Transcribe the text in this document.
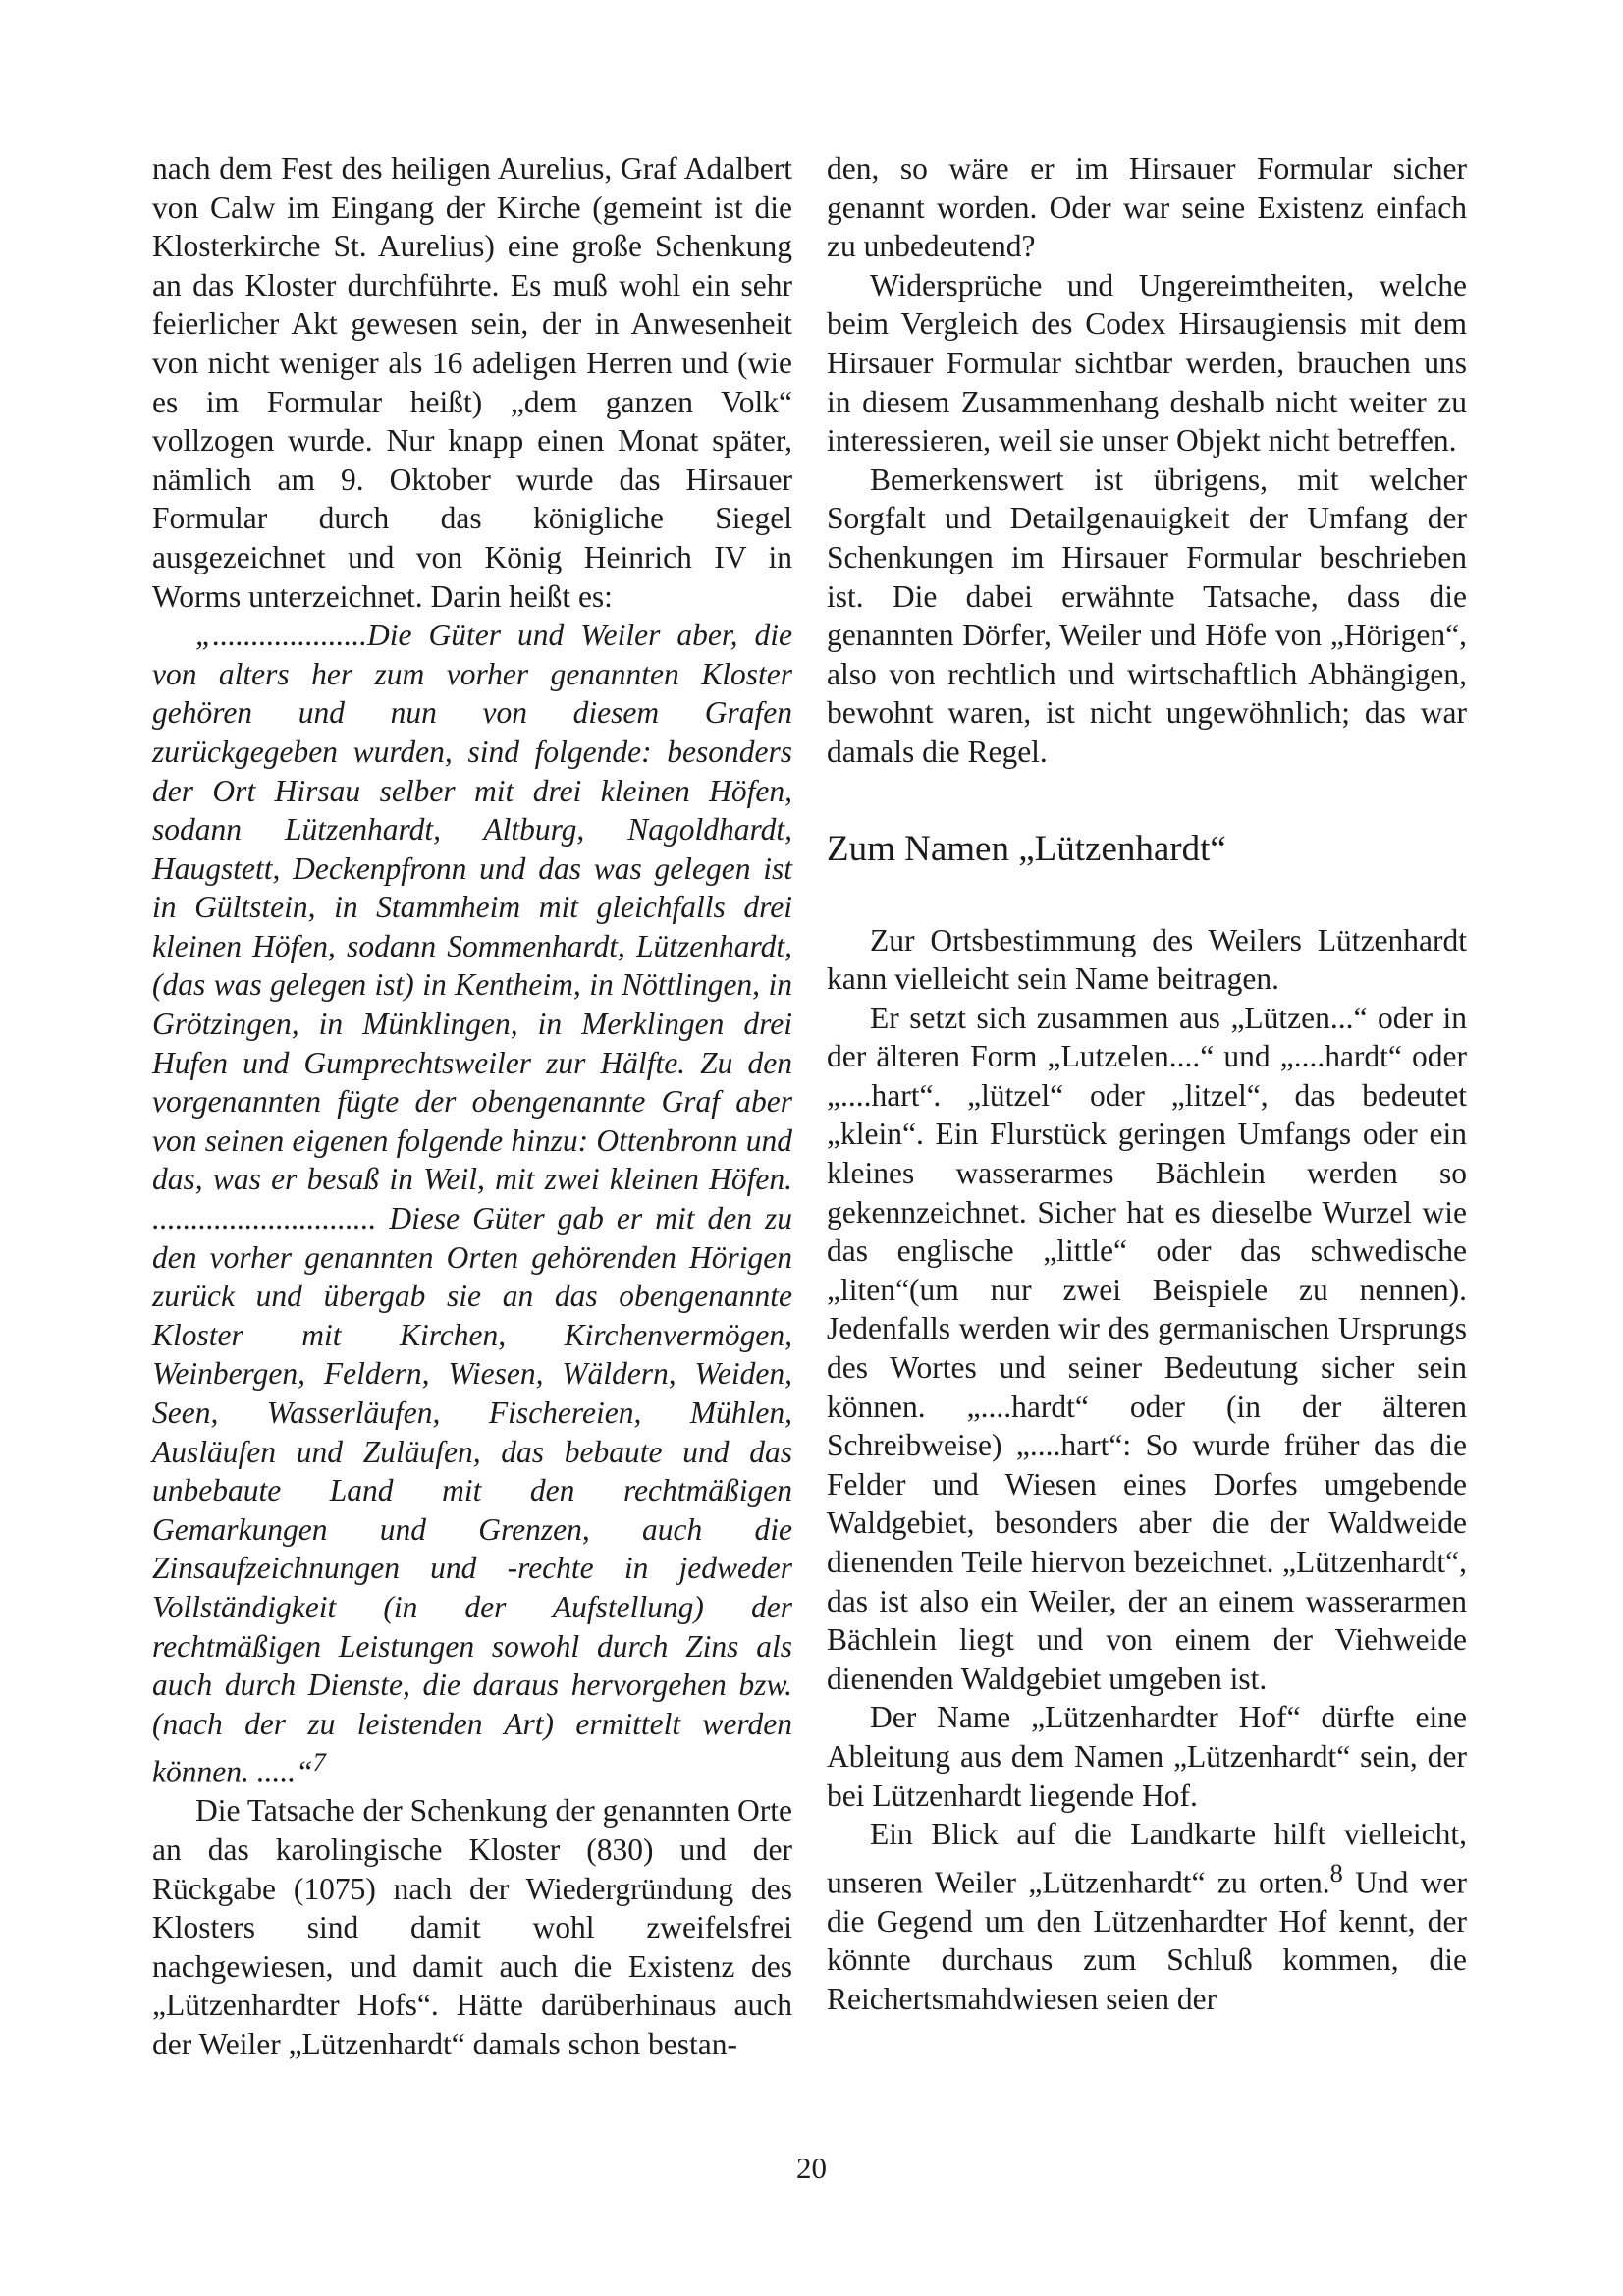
nach dem Fest des heiligen Aurelius, Graf Adalbert von Calw im Eingang der Kirche (gemeint ist die Klosterkirche St. Aurelius) eine große Schenkung an das Kloster durchführte. Es muß wohl ein sehr feierlicher Akt gewesen sein, der in Anwesenheit von nicht weniger als 16 adeligen Herren und (wie es im Formular heißt) „dem ganzen Volk“ vollzogen wurde. Nur knapp einen Monat später, nämlich am 9. Oktober wurde das Hirsauer Formular durch das königliche Siegel ausgezeichnet und von König Heinrich IV in Worms unterzeichnet. Darin heißt es:

„....................Die Güter und Weiler aber, die von alters her zum vorher genannten Kloster gehören und nun von diesem Grafen zurückgegeben wurden, sind folgende: besonders der Ort Hirsau selber mit drei kleinen Höfen, sodann Lützenhardt, Altburg, Nagoldhardt, Haugstett, Deckenpfronn und das was gelegen ist in Gültstein, in Stammheim mit gleichfalls drei kleinen Höfen, sodann Sommenhardt, Lützenhardt, (das was gelegen ist) in Kentheim, in Nöttlingen, in Grötzingen, in Münklingen, in Merklingen drei Hufen und Gumprechtsweiler zur Hälfte. Zu den vorgenannten fügte der obengenannte Graf aber von seinen eigenen folgende hinzu: Ottenbronn und das, was er besaß in Weil, mit zwei kleinen Höfen. ............................. Diese Güter gab er mit den zu den vorher genannten Orten gehörenden Hörigen zurück und übergab sie an das obengenannte Kloster mit Kirchen, Kirchenvermögen, Weinbergen, Feldern, Wiesen, Wäldern, Weiden, Seen, Wasserläufen, Fischereien, Mühlen, Ausläufen und Zuläufen, das bebaute und das unbebaute Land mit den rechtmäßigen Gemarkungen und Grenzen, auch die Zinsaufzeichnungen und -rechte in jedweder Vollständigkeit (in der Aufstellung) der rechtmäßigen Leistungen sowohl durch Zins als auch durch Dienste, die daraus hervorgehen bzw. (nach der zu leistenden Art) ermittelt werden können. .....“$^7$

Die Tatsache der Schenkung der genannten Orte an das karolingische Kloster (830) und der Rückgabe (1075) nach der Wiedergründung des Klosters sind damit wohl zweifelsfrei nachgewiesen, und damit auch die Existenz des „Lützenhardter Hofs“. Hätte darüberhinaus auch der Weiler „Lützenhardt“ damals schon bestan-

den, so wäre er im Hirsauer Formular sicher genannt worden. Oder war seine Existenz einfach zu unbedeutend?

Widersprüche und Ungereimtheiten, welche beim Vergleich des Codex Hirsaugiensis mit dem Hirsauer Formular sichtbar werden, brauchen uns in diesem Zusammenhang deshalb nicht weiter zu interessieren, weil sie unser Objekt nicht betreffen.

Bemerkenswert ist übrigens, mit welcher Sorgfalt und Detailgenauigkeit der Umfang der Schenkungen im Hirsauer Formular beschrieben ist. Die dabei erwähnte Tatsache, dass die genannten Dörfer, Weiler und Höfe von „Hörigen“, also von rechtlich und wirtschaftlich Abhängigen, bewohnt waren, ist nicht ungewöhnlich; das war damals die Regel.

Zum Namen „Lützenhardt“

Zur Ortsbestimmung des Weilers Lützenhardt kann vielleicht sein Name beitragen.

Er setzt sich zusammen aus „Lützen...“ oder in der älteren Form „Lutzelen....“ und „....hardt“ oder „....hart“. „lützel“ oder „litzel“, das bedeutet „klein“. Ein Flurstück geringen Umfangs oder ein kleines wasserarmes Bächlein werden so gekennzeichnet. Sicher hat es dieselbe Wurzel wie das englische „little“ oder das schwedische „liten“(um nur zwei Beispiele zu nennen). Jedenfalls werden wir des germanischen Ursprungs des Wortes und seiner Bedeutung sicher sein können. „....hardt“ oder (in der älteren Schreibweise) „....hart“: So wurde früher das die Felder und Wiesen eines Dorfes umgebende Waldgebiet, besonders aber die der Waldweide dienenden Teile hiervon bezeichnet. „Lützenhardt“, das ist also ein Weiler, der an einem wasserarmen Bächlein liegt und von einem der Viehweide dienenden Waldgebiet umgeben ist.

Der Name „Lützenhardter Hof“ dürfte eine Ableitung aus dem Namen „Lützenhardt“ sein, der bei Lützenhardt liegende Hof.

Ein Blick auf die Landkarte hilft vielleicht, unseren Weiler „Lützenhardt“ zu orten.$^8$ Und wer die Gegend um den Lützenhardter Hof kennt, der könnte durchaus zum Schluß kommen, die Reichertsmahdwiesen seien der

20
